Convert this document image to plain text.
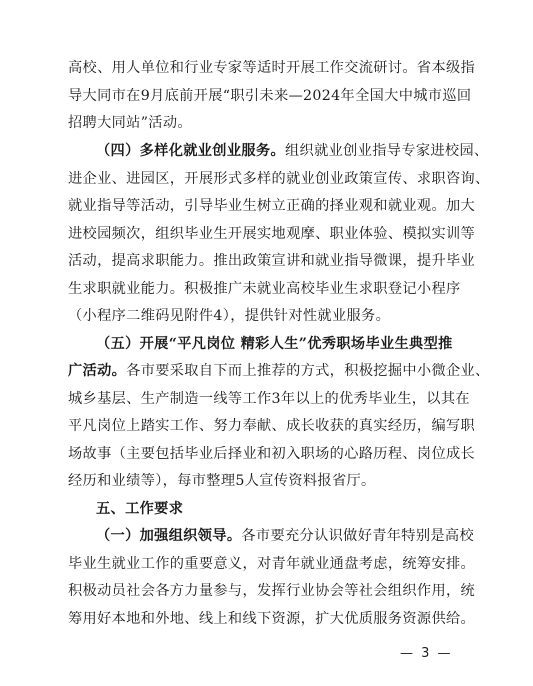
高校、用人单位和行业专家等适时开展工作交流研讨。省本级指
导大同市在9月底前开展“职引未来—2024年全国大中城市巡回
招聘大同站”活动。
（四）多样化就业创业服务。组织就业创业指导专家进校园、
进企业、进园区，开展形式多样的就业创业政策宣传、求职咨询、
就业指导等活动，引导毕业生树立正确的择业观和就业观。加大
进校园频次，组织毕业生开展实地观摩、职业体验、模拟实训等
活动，提高求职能力。推出政策宣讲和就业指导微课，提升毕业
生求职就业能力。积极推广未就业高校毕业生求职登记小程序
（小程序二维码见附件4），提供针对性就业服务。
（五）开展“平凡岗位 精彩人生”优秀职场毕业生典型推
广活动。各市要采取自下而上推荐的方式，积极挖掘中小微企业、
城乡基层、生产制造一线等工作3年以上的优秀毕业生，以其在
平凡岗位上踏实工作、努力奉献、成长收获的真实经历，编写职
场故事（主要包括毕业后择业和初入职场的心路历程、岗位成长
经历和业绩等），每市整理5人宣传资料报省厅。
五、工作要求
（一）加强组织领导。各市要充分认识做好青年特别是高校
毕业生就业工作的重要意义，对青年就业通盘考虑，统筹安排。
积极动员社会各方力量参与，发挥行业协会等社会组织作用，统
筹用好本地和外地、线上和线下资源，扩大优质服务资源供给。
— 3 —
